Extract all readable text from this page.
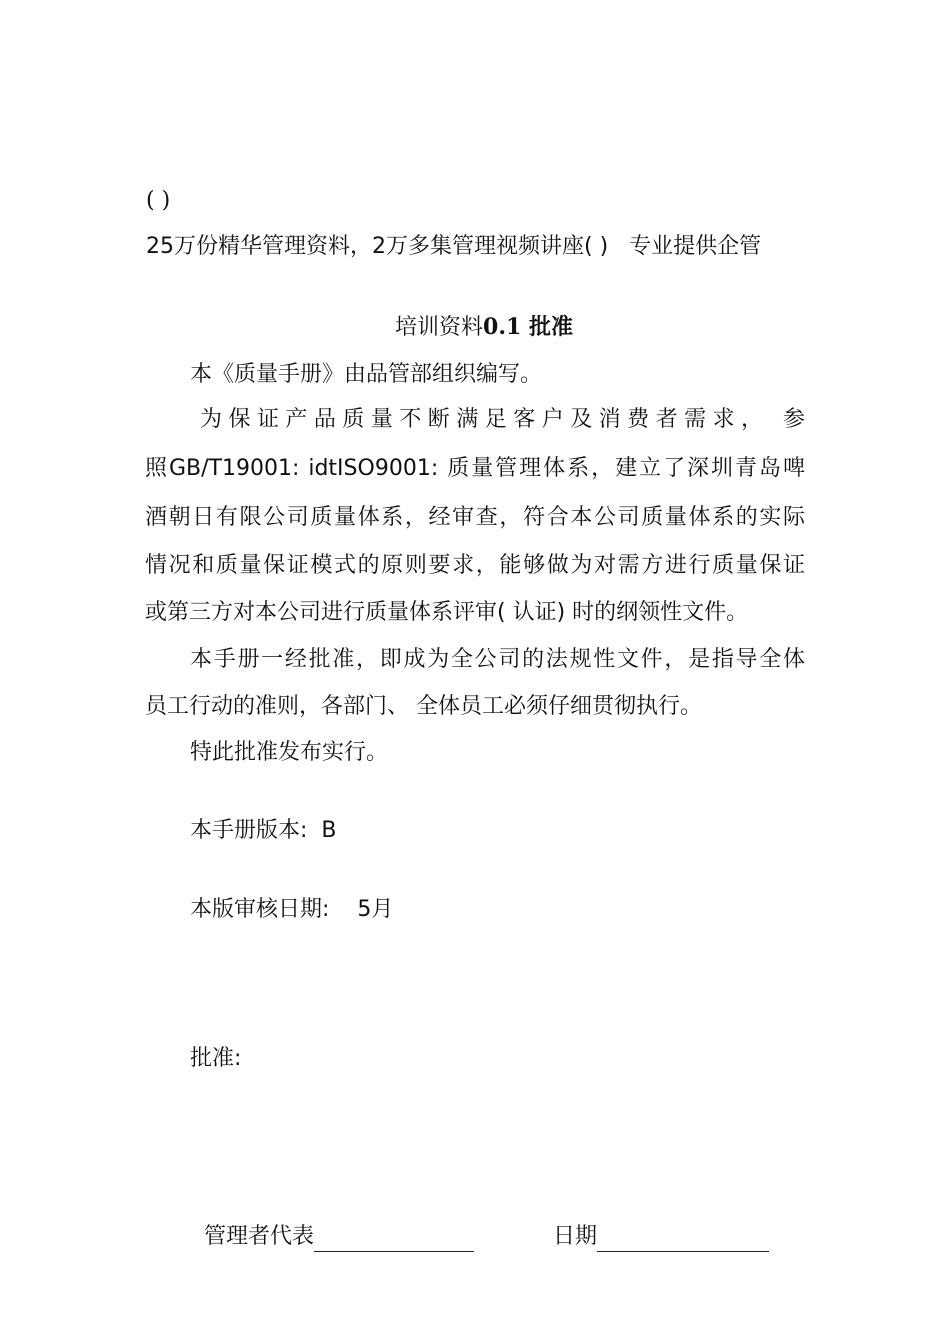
( )
25万份精华管理资料，2万多集管理视频讲座( )   专业提供企管

培训资料0.1 批准

本《质量手册》由品管部组织编写。
为保证产品质量不断满足客户及消费者需求， 参
照GB/T19001: idtISO9001: 质量管理体系，建立了深圳青岛啤
酒朝日有限公司质量体系，经审查，符合本公司质量体系的实际
情况和质量保证模式的原则要求，能够做为对需方进行质量保证
或第三方对本公司进行质量体系评审( 认证) 时的纲领性文件。
本手册一经批准，即成为全公司的法规性文件，是指导全体
员工行动的准则，各部门、 全体员工必须仔细贯彻执行。
特此批准发布实行。
本手册版本:  B
本版审核日期:    5月
批准:

管理者代表	日期
